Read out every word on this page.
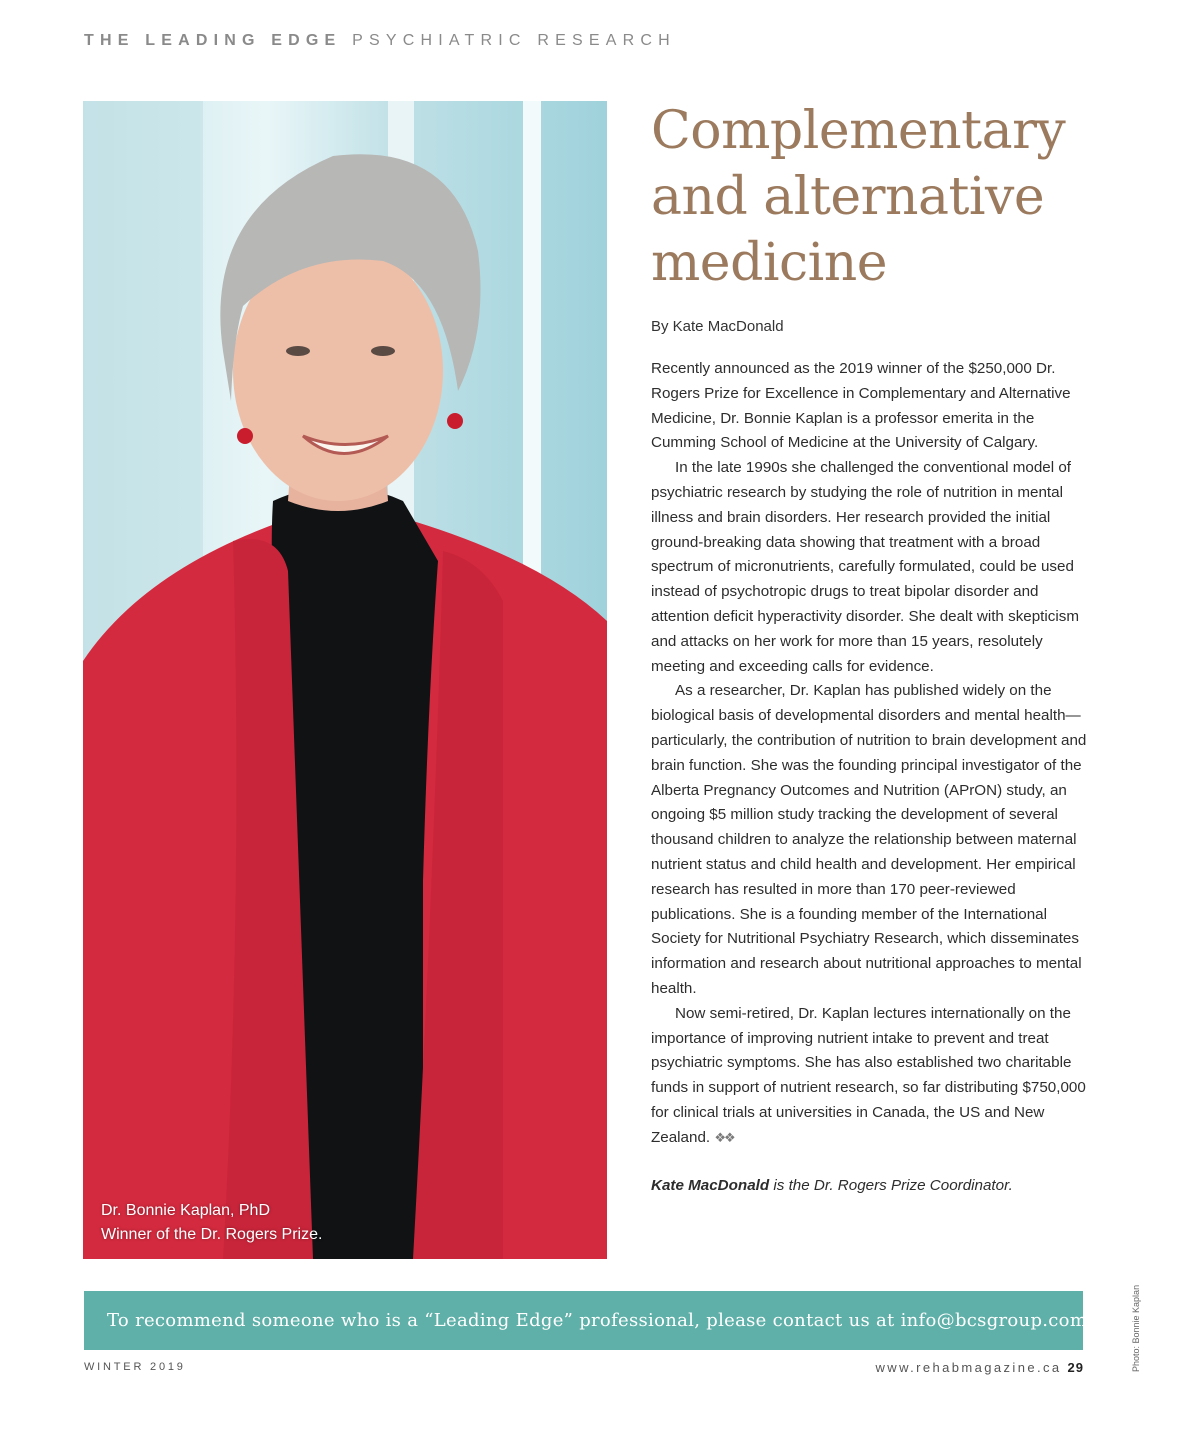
THE LEADING EDGE PSYCHIATRIC RESEARCH
Dr. Bonnie Kaplan, PhD
Winner of the Dr. Rogers Prize.
Complementary and alternative medicine
By Kate MacDonald

Recently announced as the 2019 winner of the $250,000 Dr. Rogers Prize for Excellence in Complementary and Alternative Medicine, Dr. Bonnie Kaplan is a professor emerita in the Cumming School of Medicine at the University of Calgary.

In the late 1990s she challenged the conventional model of psychiatric research by studying the role of nutrition in mental illness and brain disorders. Her research provided the initial ground-breaking data showing that treatment with a broad spectrum of micronutrients, carefully formulated, could be used instead of psychotropic drugs to treat bipolar disorder and attention deficit hyperactivity disorder. She dealt with skepticism and attacks on her work for more than 15 years, resolutely meeting and exceeding calls for evidence.

As a researcher, Dr. Kaplan has published widely on the biological basis of developmental disorders and mental health—particularly, the contribution of nutrition to brain development and brain function. She was the founding principal investigator of the Alberta Pregnancy Outcomes and Nutrition (APrON) study, an ongoing $5 million study tracking the development of several thousand children to analyze the relationship between maternal nutrient status and child health and development. Her empirical research has resulted in more than 170 peer-reviewed publications. She is a founding member of the International Society for Nutritional Psychiatry Research, which disseminates information and research about nutritional approaches to mental health.

Now semi-retired, Dr. Kaplan lectures internationally on the importance of improving nutrient intake to prevent and treat psychiatric symptoms. She has also established two charitable funds in support of nutrient research, so far distributing $750,000 for clinical trials at universities in Canada, the US and New Zealand. ❖❖

Kate MacDonald is the Dr. Rogers Prize Coordinator.
To recommend someone who is a “Leading Edge” professional, please contact us at info@bcsgroup.com	Photo: Bonnie Kaplan
WINTER 2019	www.rehabmagazine.ca 29
